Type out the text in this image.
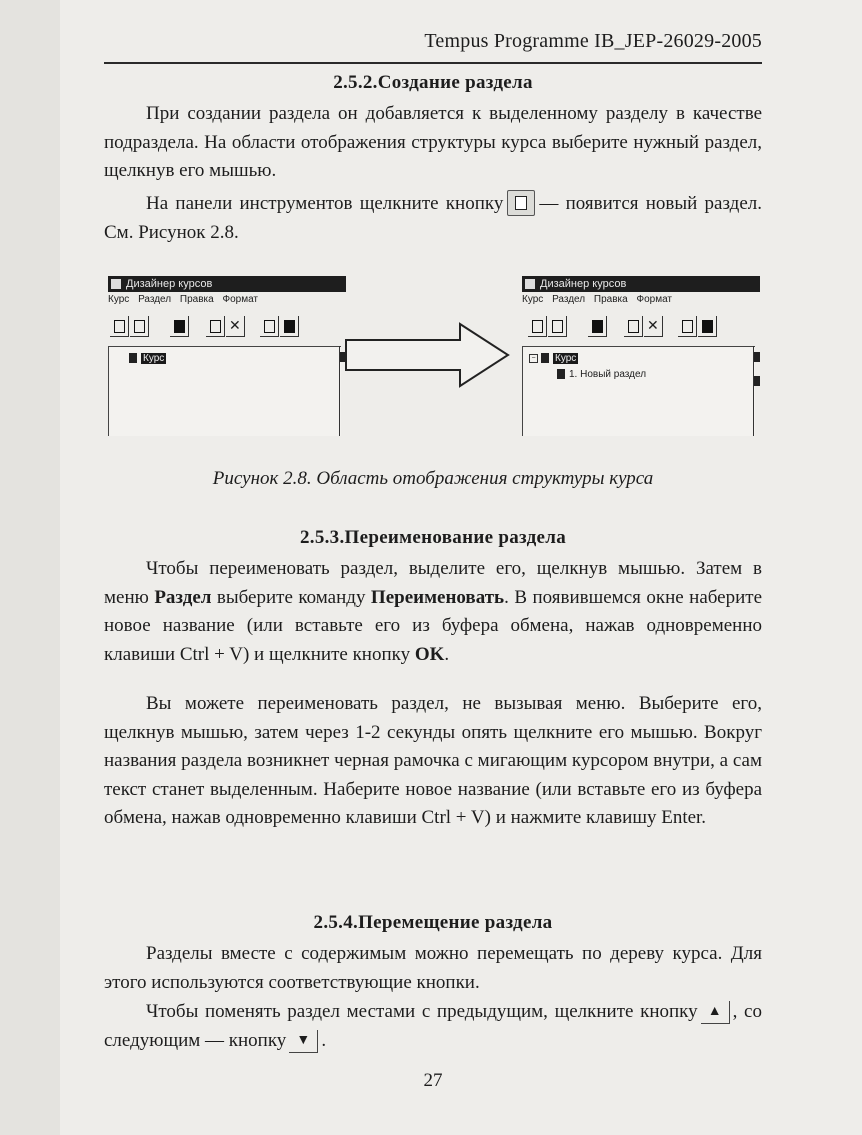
Tempus Programme IB_JEP-26029-2005
2.5.2.Создание раздела

При создании раздела он добавляется к выделенному разделу в качестве подраздела. На области отображения структуры курса выберите нужный раздел, щелкнув его мышью.

На панели инструментов щелкните кнопку — появится новый раздел. См. Рисунок 2.8.

Дизайнер курсов
Курс Раздел Правка Формат
✕
Курс
Дизайнер курсов
Курс Раздел Правка Формат
✕
− Курс
1. Новый раздел
Рисунок 2.8. Область отображения структуры курса
2.5.3.Переименование раздела

Чтобы переименовать раздел, выделите его, щелкнув мышью. Затем в меню Раздел выберите команду Переименовать. В появившемся окне наберите новое название (или вставьте его из буфера обмена, нажав одновременно клавиши Ctrl + V) и щелкните кнопку OK.

Вы можете переименовать раздел, не вызывая меню. Выберите его, щелкнув мышью, затем через 1-2 секунды опять щелкните его мышью. Вокруг названия раздела возникнет черная рамочка с мигающим курсором внутри, а сам текст станет выделенным. Наберите новое название (или вставьте его из буфера обмена, нажав одновременно клавиши Ctrl + V) и нажмите клавишу Enter.

2.5.4.Перемещение раздела

Разделы вместе с содержимым можно перемещать по дереву курса. Для этого используются соответствующие кнопки.

Чтобы поменять раздел местами с предыдущим, щелкните кнопку ▲ , со следующим — кнопку ▼ .

27
